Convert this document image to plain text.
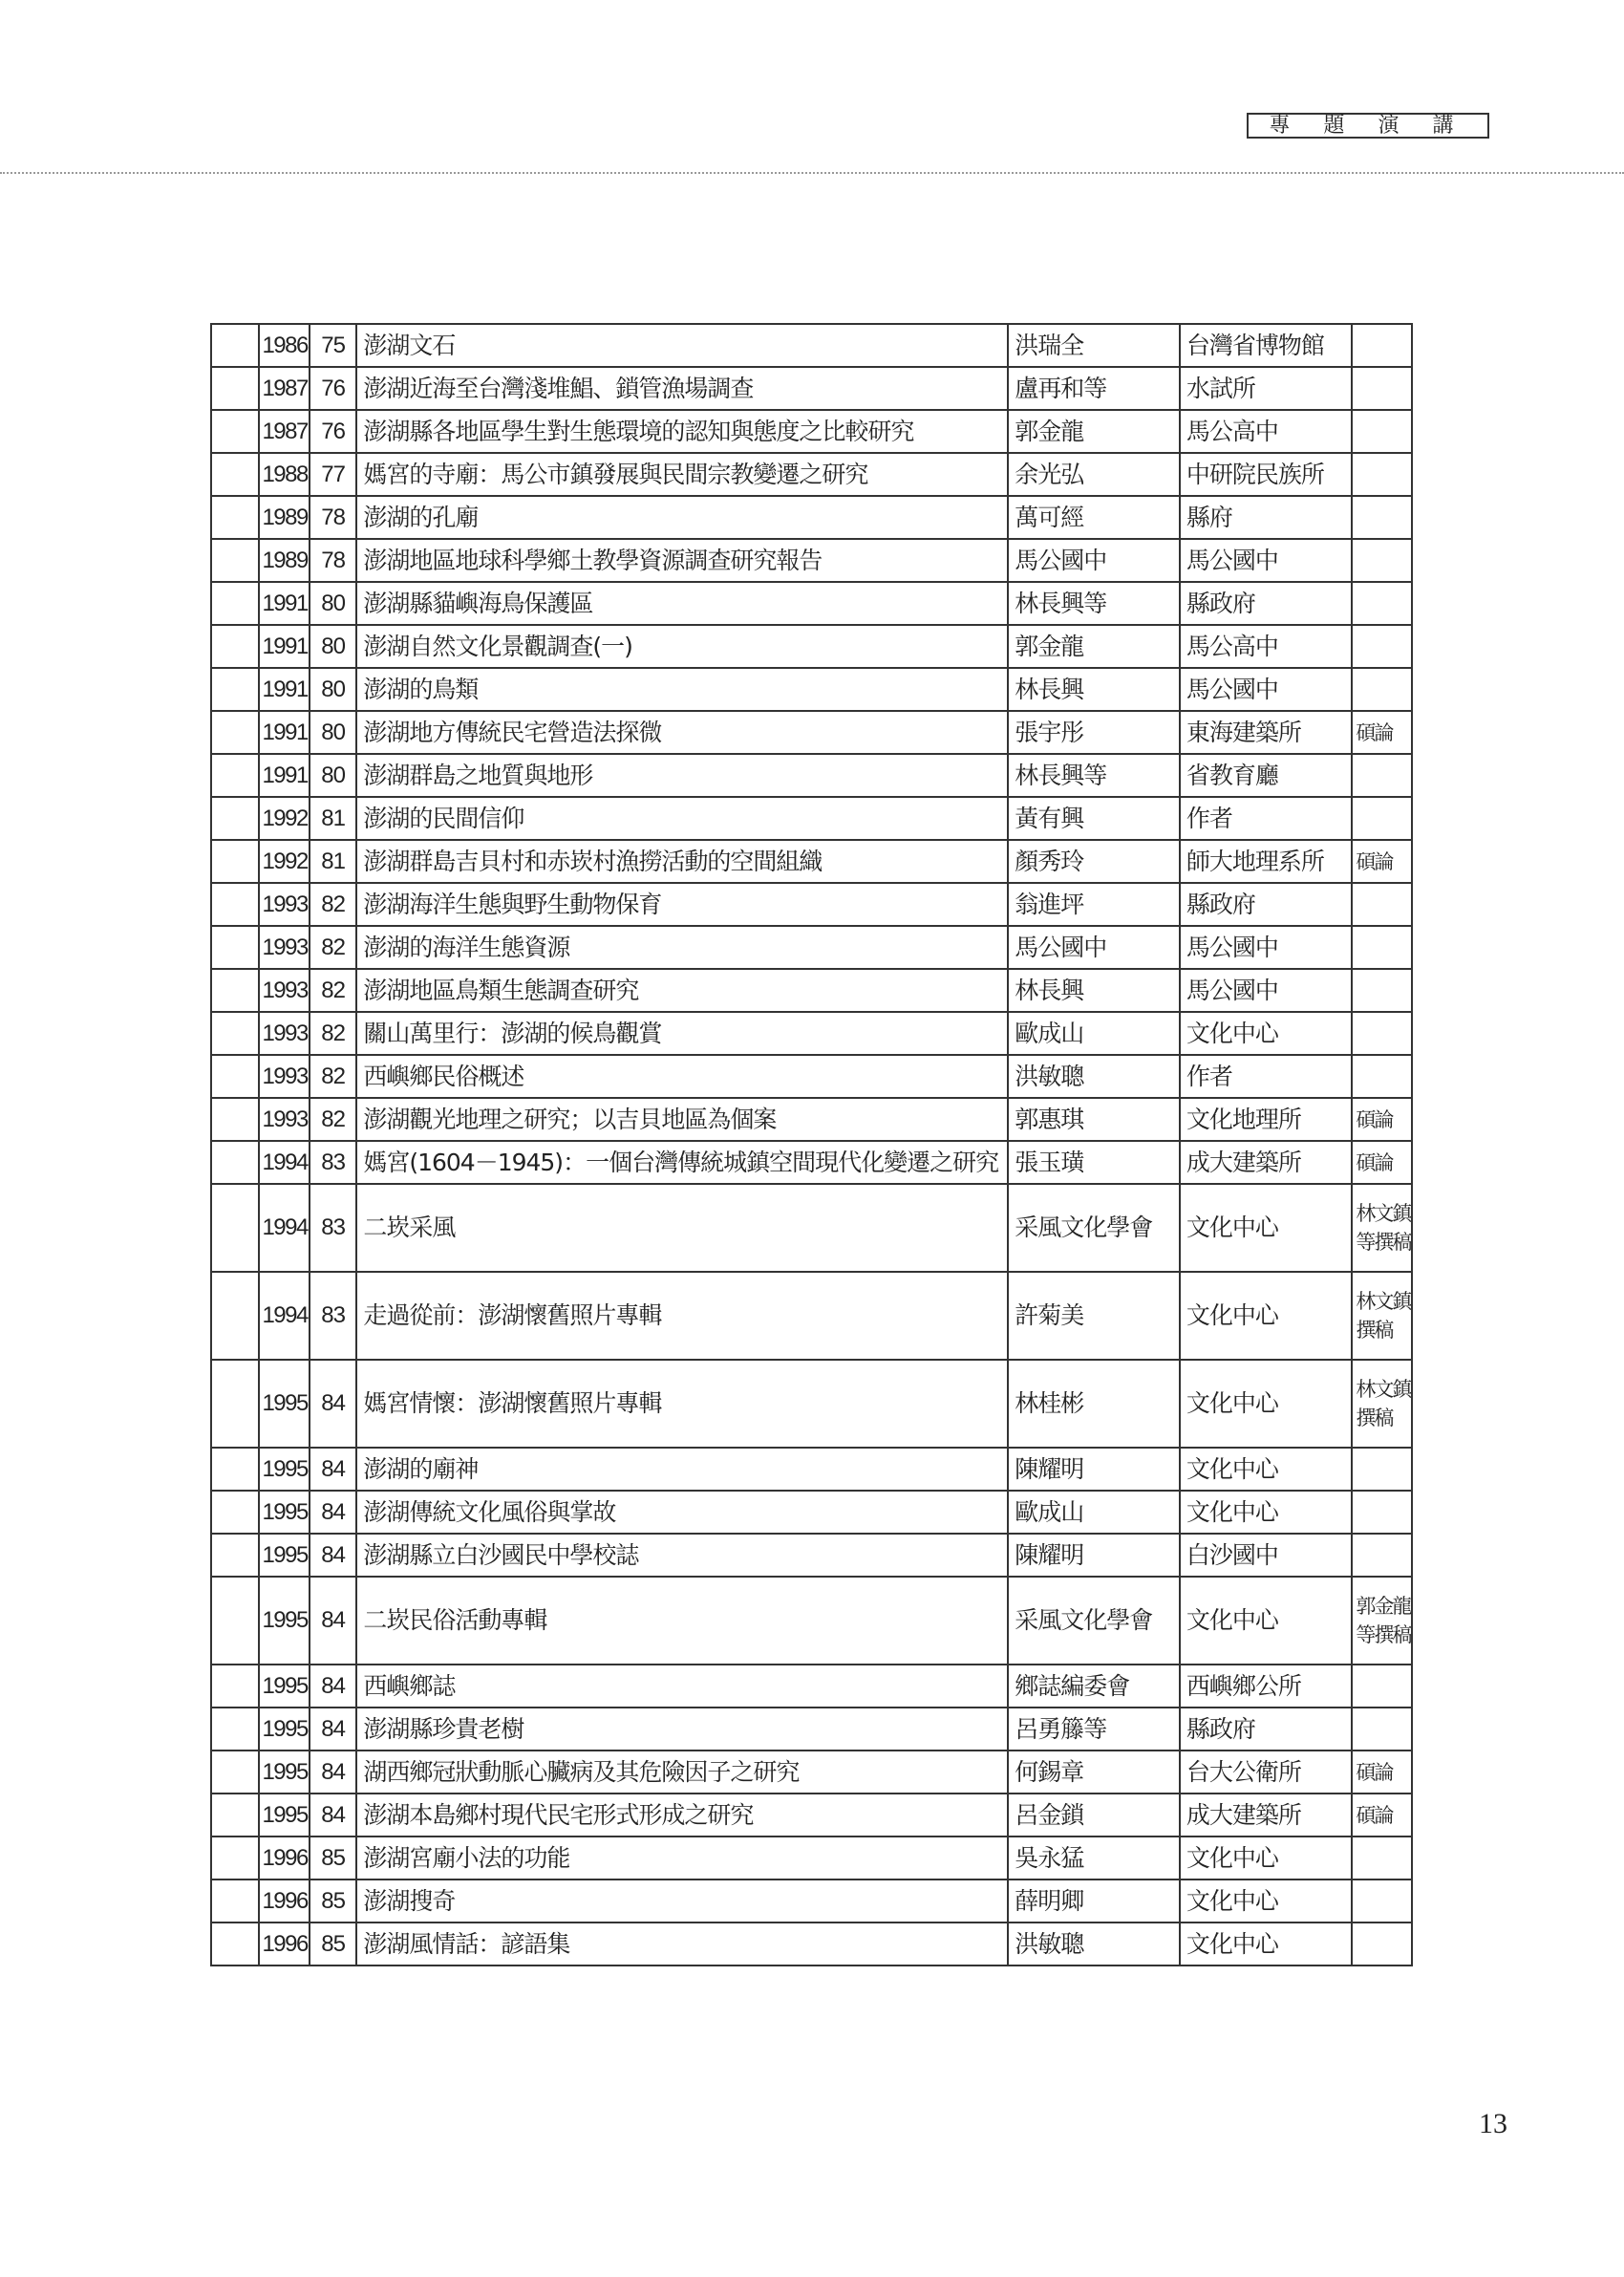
專 題 演 講
	1986	75	澎湖文石	洪瑞全	台灣省博物館	
	1987	76	澎湖近海至台灣淺堆鯧、鎖管漁場調查	盧再和等	水試所	
	1987	76	澎湖縣各地區學生對生態環境的認知與態度之比較研究	郭金龍	馬公高中	
	1988	77	媽宮的寺廟：馬公市鎮發展與民間宗教變遷之研究	余光弘	中研院民族所	
	1989	78	澎湖的孔廟	萬可經	縣府	
	1989	78	澎湖地區地球科學鄉土教學資源調查研究報告	馬公國中	馬公國中	
	1991	80	澎湖縣貓嶼海鳥保護區	林長興等	縣政府	
	1991	80	澎湖自然文化景觀調查(一)	郭金龍	馬公高中	
	1991	80	澎湖的鳥類	林長興	馬公國中	
	1991	80	澎湖地方傳統民宅營造法探微	張宇彤	東海建築所	碩論

	1991	80	澎湖群島之地質與地形	林長興等	省教育廳	
	1992	81	澎湖的民間信仰	黃有興	作者	
	1992	81	澎湖群島吉貝村和赤崁村漁撈活動的空間組織	顏秀玲	師大地理系所	碩論

	1993	82	澎湖海洋生態與野生動物保育	翁進坪	縣政府	
	1993	82	澎湖的海洋生態資源	馬公國中	馬公國中	
	1993	82	澎湖地區鳥類生態調查研究	林長興	馬公國中	
	1993	82	關山萬里行：澎湖的候鳥觀賞	歐成山	文化中心	
	1993	82	西嶼鄉民俗概述	洪敏聰	作者	
	1993	82	澎湖觀光地理之研究；以吉貝地區為個案	郭惠琪	文化地理所	碩論

	1994	83	媽宮(1604－1945)：一個台灣傳統城鎮空間現代化變遷之研究	張玉璜	成大建築所	碩論

	1994	83	二崁采風	采風文化學會	文化中心	林文鎮
等撰稿

	1994	83	走過從前：澎湖懷舊照片專輯	許菊美	文化中心	林文鎮
撰稿

	1995	84	媽宮情懷：澎湖懷舊照片專輯	林桂彬	文化中心	林文鎮
撰稿

	1995	84	澎湖的廟神	陳耀明	文化中心	
	1995	84	澎湖傳統文化風俗與掌故	歐成山	文化中心	
	1995	84	澎湖縣立白沙國民中學校誌	陳耀明	白沙國中	
	1995	84	二崁民俗活動專輯	采風文化學會	文化中心	郭金龍
等撰稿

	1995	84	西嶼鄉誌	鄉誌編委會	西嶼鄉公所	
	1995	84	澎湖縣珍貴老樹	呂勇籐等	縣政府	
	1995	84	湖西鄉冠狀動脈心臟病及其危險因子之研究	何錫章	台大公衛所	碩論

	1995	84	澎湖本島鄉村現代民宅形式形成之研究	呂金鎖	成大建築所	碩論

	1996	85	澎湖宮廟小法的功能	吳永猛	文化中心	
	1996	85	澎湖搜奇	薛明卿	文化中心	
	1996	85	澎湖風情話：諺語集	洪敏聰	文化中心	
13
